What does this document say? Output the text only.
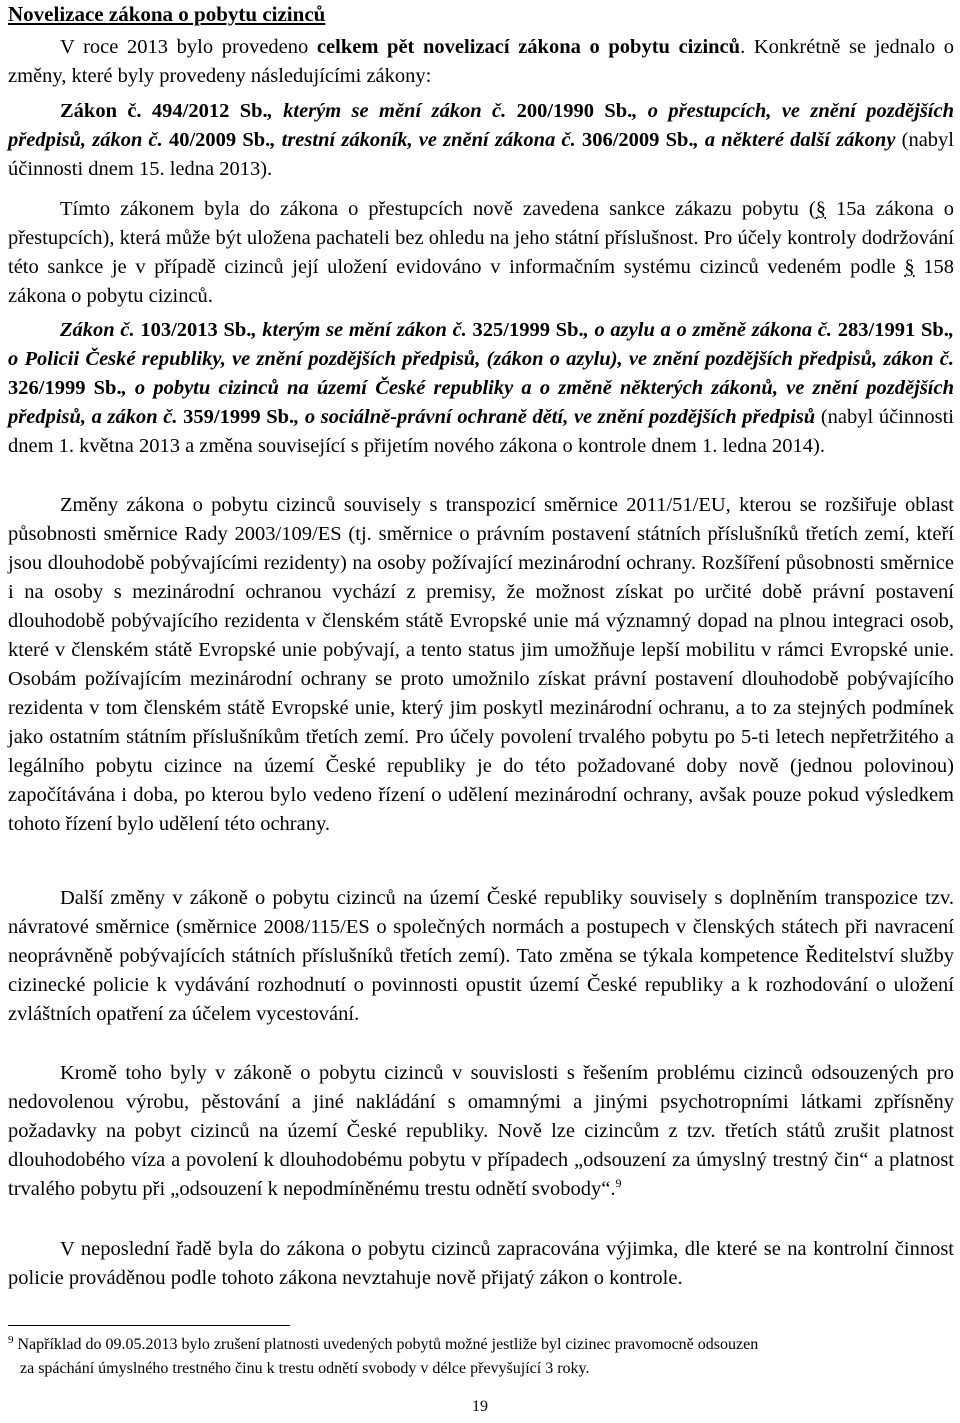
Novelizace zákona o pobytu cizinců

V roce 2013 bylo provedeno celkem pět novelizací zákona o pobytu cizinců. Konkrétně se jednalo o změny, které byly provedeny následujícími zákony:

Zákon č. 494/2012 Sb., kterým se mění zákon č. 200/1990 Sb., o přestupcích, ve znění pozdějších předpisů, zákon č. 40/2009 Sb., trestní zákoník, ve znění zákona č. 306/2009 Sb., a některé další zákony (nabyl účinnosti dnem 15. ledna 2013).

Tímto zákonem byla do zákona o přestupcích nově zavedena sankce zákazu pobytu (§ 15a zákona o přestupcích), která může být uložena pachateli bez ohledu na jeho státní příslušnost. Pro účely kontroly dodržování této sankce je v případě cizinců její uložení evidováno v informačním systému cizinců vedeném podle § 158 zákona o pobytu cizinců.

Zákon č. 103/2013 Sb., kterým se mění zákon č. 325/1999 Sb., o azylu a o změně zákona č. 283/1991 Sb., o Policii České republiky, ve znění pozdějších předpisů, (zákon o azylu), ve znění pozdějších předpisů, zákon č. 326/1999 Sb., o pobytu cizinců na území České republiky a o změně některých zákonů, ve znění pozdějších předpisů, a zákon č. 359/1999 Sb., o sociálně-právní ochraně dětí, ve znění pozdějších předpisů (nabyl účinnosti dnem 1. května 2013 a změna související s přijetím nového zákona o kontrole dnem 1. ledna 2014).

Změny zákona o pobytu cizinců souvisely s transpozicí směrnice 2011/51/EU, kterou se rozšiřuje oblast působnosti směrnice Rady 2003/109/ES (tj. směrnice o právním postavení státních příslušníků třetích zemí, kteří jsou dlouhodobě pobývajícími rezidenty) na osoby požívající mezinárodní ochrany. Rozšíření působnosti směrnice i na osoby s mezinárodní ochranou vychází z premisy, že možnost získat po určité době právní postavení dlouhodobě pobývajícího rezidenta v členském státě Evropské unie má významný dopad na plnou integraci osob, které v členském státě Evropské unie pobývají, a tento status jim umožňuje lepší mobilitu v rámci Evropské unie. Osobám požívajícím mezinárodní ochrany se proto umožnilo získat právní postavení dlouhodobě pobývajícího rezidenta v tom členském státě Evropské unie, který jim poskytl mezinárodní ochranu, a to za stejných podmínek jako ostatním státním příslušníkům třetích zemí. Pro účely povolení trvalého pobytu po 5-ti letech nepřetržitého a legálního pobytu cizince na území České republiky je do této požadované doby nově (jednou polovinou) započítávána i doba, po kterou bylo vedeno řízení o udělení mezinárodní ochrany, avšak pouze pokud výsledkem tohoto řízení bylo udělení této ochrany.

Další změny v zákoně o pobytu cizinců na území České republiky souvisely s doplněním transpozice tzv. návratové směrnice (směrnice 2008/115/ES o společných normách a postupech v členských státech při navracení neoprávněně pobývajících státních příslušníků třetích zemí). Tato změna se týkala kompetence Ředitelství služby cizinecké policie k vydávání rozhodnutí o povinnosti opustit území České republiky a k rozhodování o uložení zvláštních opatření za účelem vycestování.

Kromě toho byly v zákoně o pobytu cizinců v souvislosti s řešením problému cizinců odsouzených pro nedovolenou výrobu, pěstování a jiné nakládání s omamnými a jinými psychotropními látkami zpřísněny požadavky na pobyt cizinců na území České republiky. Nově lze cizincům z tzv. třetích států zrušit platnost dlouhodobého víza a povolení k dlouhodobému pobytu v případech „odsouzení za úmyslný trestný čin“ a platnost trvalého pobytu při „odsouzení k nepodmíněnému trestu odnětí svobody“.$^9$

V neposlední řadě byla do zákona o pobytu cizinců zapracována výjimka, dle které se na kontrolní činnost policie prováděnou podle tohoto zákona nevztahuje nově přijatý zákon o kontrole.

$^9$ Například do 09.05.2013 bylo zrušení platnosti uvedených pobytů možné jestliže byl cizinec pravomocně odsouzen
za spáchání úmyslného trestného činu k trestu odnětí svobody v délce převyšující 3 roky.
19
